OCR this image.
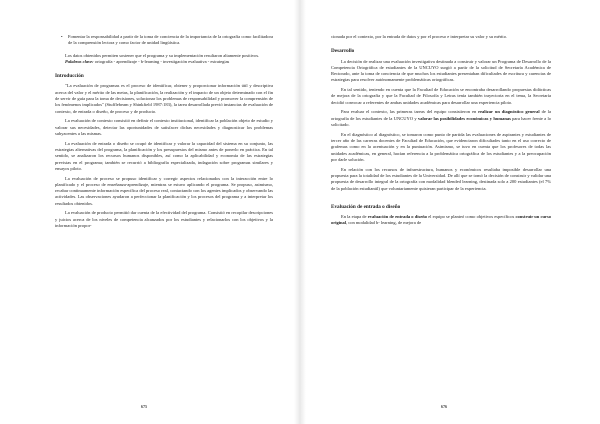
•	Fomentar la responsabilidad a partir de la toma de conciencia de la importancia de la ortografía como facilitadora de la comprensión lectora y como factor de unidad lingüística.

Los datos obtenidos permiten sostener que el programa y su implementación resultaron altamente positivos.

Palabras clave: ortografía - aprendizaje - b-learning - investigación evaluativa - estrategias

Introducción

"La evaluación de programas es el proceso de identificar, obtener y proporcionar información útil y descriptiva acerca del valor y el mérito de las metas, la planificación, la realización y el impacto de un objeto determinado con el fin de servir de guía para la toma de decisiones, solucionar los problemas de responsabilidad y promover la comprensión de los fenómenos implicados" (Stufflebeam y Shinkfield 1987:183), la tarea desarrollada previó instancias de evaluación de contexto, de entrada o diseño, de proceso y de producto.

La evaluación de contexto consistió en definir el contexto institucional, identificar la población objeto de estudio y valorar sus necesidades, detectar las oportunidades de satisfacer dichas necesidades y diagnosticar los problemas subyacentes a las mismas.

La evaluación de entrada o diseño se ocupó de identificar y valorar la capacidad del sistema en su conjunto, las estrategias alternativas del programa, la planificación y los presupuestos del mismo antes de ponerlo en práctica. En tal sentido, se analizaron los recursos humanos disponibles, así como la aplicabilidad y economía de las estrategias previstas en el programa; también se recurrió a bibliografía especializada, indagación sobre programas similares y ensayos piloto.

La evaluación de proceso se propuso identificar y corregir aspectos relacionados con la interacción entre lo planificado y el proceso de enseñanza-aprendizaje, mientras se estuvo aplicando el programa. Se propuso, asimismo, recabar continuamente información específica del proceso real, contactando con los agentes implicados y observando las actividades. Las observaciones ayudaron a perfeccionar la planificación y los procesos del programa y a interpretar los resultados obtenidos.

La evaluación de producto permitió dar cuenta de la efectividad del programa. Consistió en recopilar descripciones y juicios acerca de los niveles de competencia alcanzados por los estudiantes y relacionarlos con los objetivos y la información propor-

675

cionada por el contexto, por la entrada de datos y por el proceso e interpretar su valor y su mérito.

Desarrollo

La decisión de realizar una evaluación investigativa destinada a construir y valorar un Programa de Desarrollo de la Competencia Ortográfica de estudiantes de la UNCUYO surgió a partir de la solicitud de Secretaría Académica de Rectorado, ante la toma de conciencia de que muchos los estudiantes presentaban dificultades de escritura y carencias de estrategias para resolver autónomamente problemáticas ortográficas.

En tal sentido, teniendo en cuenta que la Facultad de Educación se encontraba desarrollando propuestas didácticas de mejora de la ortografía y que la Facultad de Filosofía y Letras tenía también trayectoria en el tema, la Secretaría decidió convocar a referentes de ambas unidades académicas para desarrollar una experiencia piloto.

Para evaluar el contexto, las primeras tareas del equipo consistieron en realizar un diagnóstico general de la ortografía de los estudiantes de la UNCUYO y valorar las posibilidades económicas y humanas para hacer frente a lo solicitado.

En el diagnóstico al diagnóstico, se tomaron como punto de partida las evaluaciones de aspirantes y estudiantes de tercer año de las carreras docentes de Facultad de Educación, que evidenciaron dificultades tanto en el uso correcto de grafemas como en la acentuación y en la puntuación. Asimismo, se tuvo en cuenta que los profesores de todas las unidades académicas, en general, hacían referencia a la problemática ortográfica de los estudiantes y a la preocupación por darle solución.

En relación con los recursos de infraestructura, humanos y económicos resultaba imposible desarrollar una propuesta para la totalidad de los estudiantes de la Universidad. De allí que se tomó la decisión de construir y validar una propuesta de desarrollo integral de la ortografía con modalidad blended learning, destinada solo a 200 estudiantes (el 7% de la población estudiantil) que voluntariamente quisieran participar de la experiencia.

Evaluación de entrada o diseño

En la etapa de evaluación de entrada o diseño el equipo se planteó como objetivos específicos construir un curso original, con modalidad b- learning, de mejora de

676
